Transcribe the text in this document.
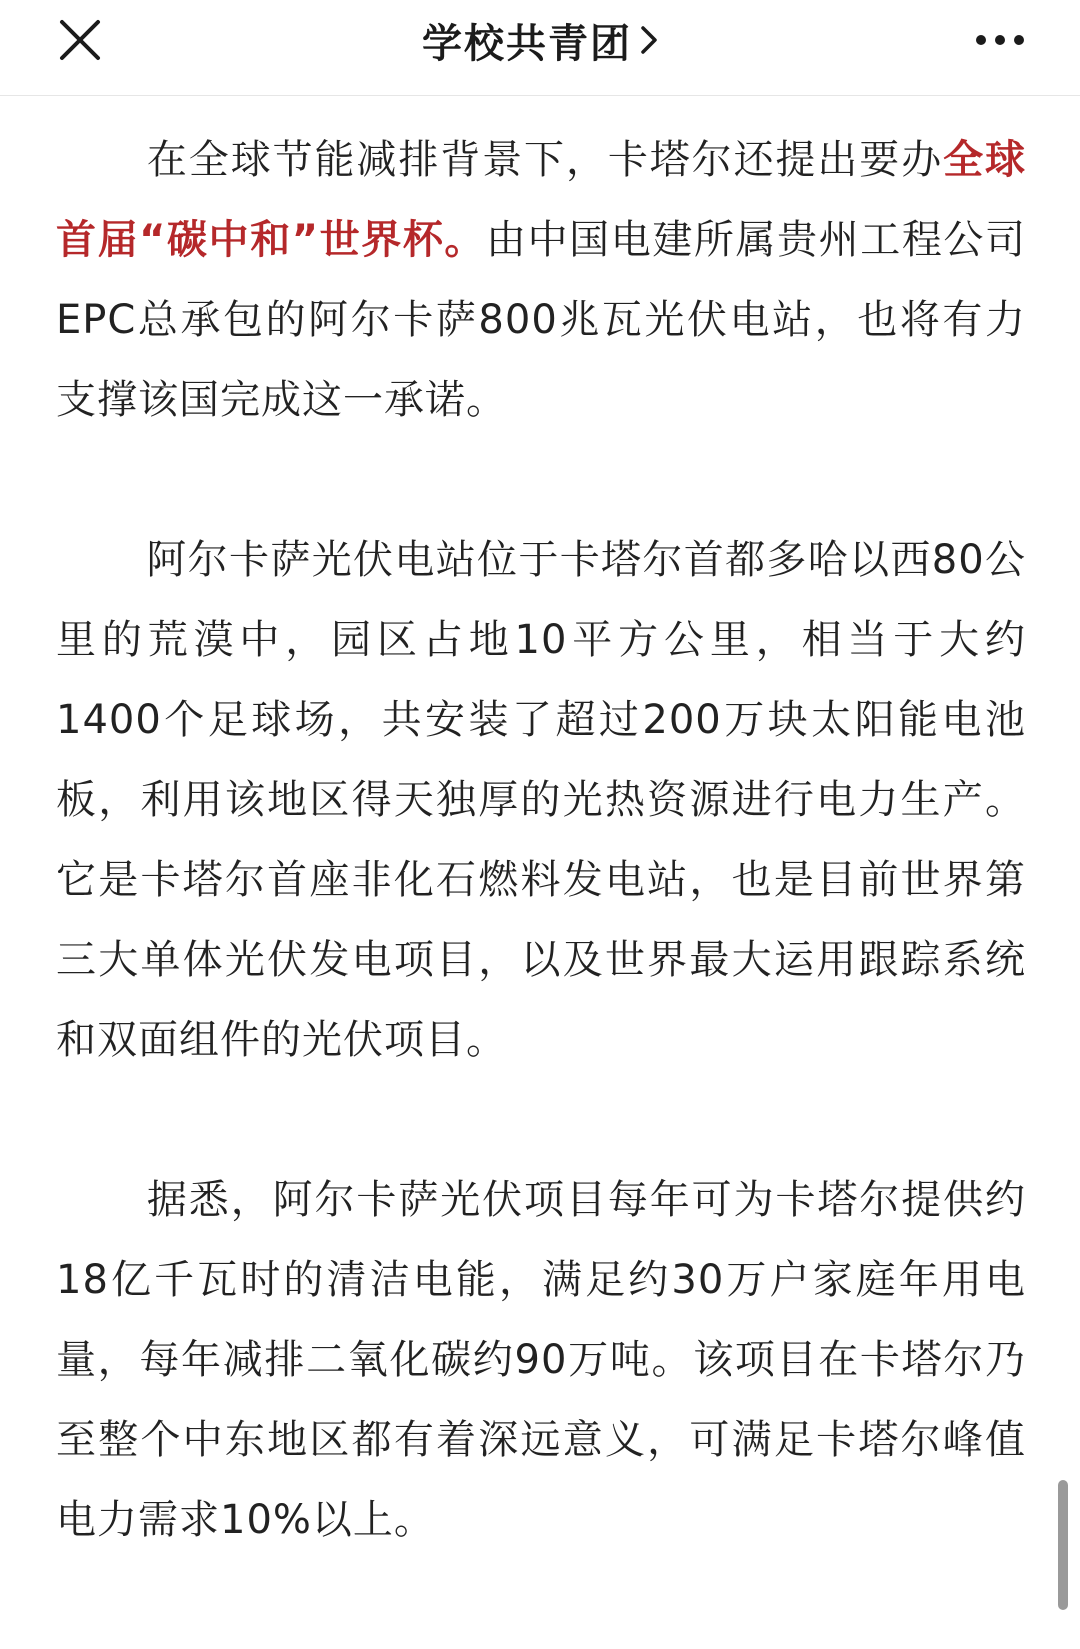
学校共青团

在全球节能减排背景下，卡塔尔还提出要办全球首届“碳中和”世界杯。由中国电建所属贵州工程公司EPC总承包的阿尔卡萨800兆瓦光伏电站，也将有力支撑该国完成这一承诺。

阿尔卡萨光伏电站位于卡塔尔首都多哈以西80公里的荒漠中，园区占地10平方公里，相当于大约1400个足球场，共安装了超过200万块太阳能电池板，利用该地区得天独厚的光热资源进行电力生产。它是卡塔尔首座非化石燃料发电站，也是目前世界第三大单体光伏发电项目，以及世界最大运用跟踪系统和双面组件的光伏项目。

据悉，阿尔卡萨光伏项目每年可为卡塔尔提供约18亿千瓦时的清洁电能，满足约30万户家庭年用电量，每年减排二氧化碳约90万吨。该项目在卡塔尔乃至整个中东地区都有着深远意义，可满足卡塔尔峰值电力需求10%以上。
